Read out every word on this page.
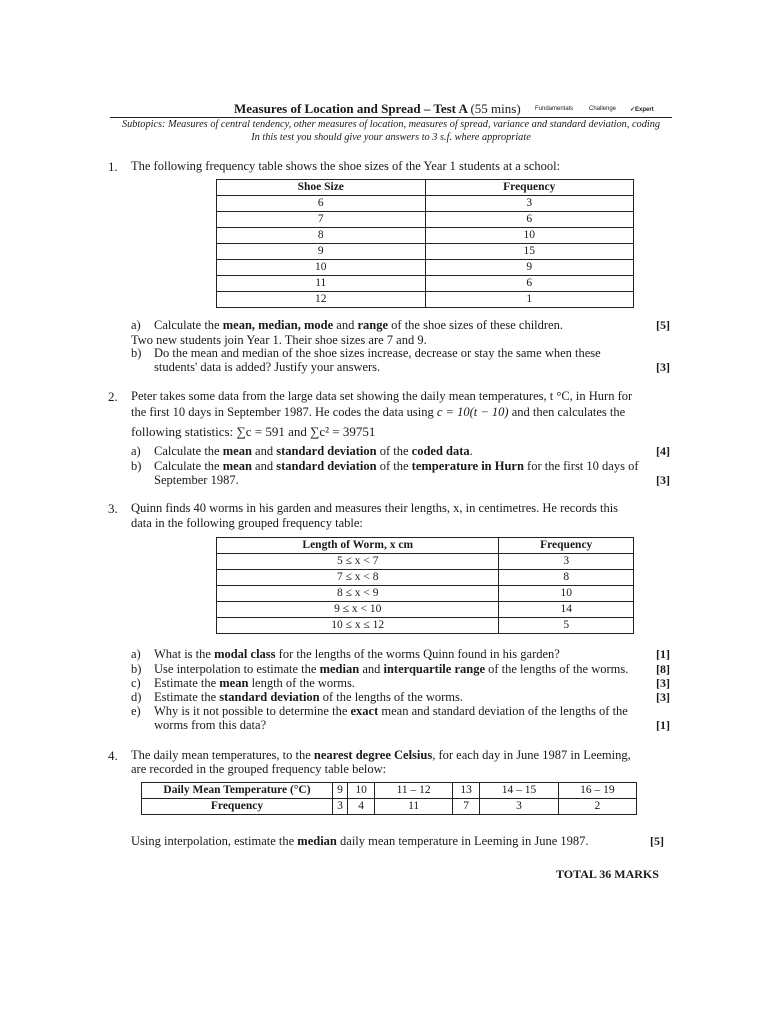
Measures of Location and Spread – Test A (55 mins) Fundamentals	Challenge ✓Expert
Subtopics: Measures of central tendency, other measures of location, measures of spread, variance and standard deviation, coding
In this test you should give your answers to 3 s.f. where appropriate
1. The following frequency table shows the shoe sizes of the Year 1 students at a school:
Shoe Size	Frequency
6	3
7	6
8	10
9	15
10	9
11	6
12	1
a) Calculate the mean, median, mode and range of the shoe sizes of these children.	[5]
Two new students join Year 1. Their shoe sizes are 7 and 9.
b) Do the mean and median of the shoe sizes increase, decrease or stay the same when these
students' data is added? Justify your answers.	[3]
2. Peter takes some data from the large data set showing the daily mean temperatures, t °C, in Hurn for
the first 10 days in September 1987. He codes the data using c = 10(t − 10) and then calculates the
following statistics: ∑c = 591 and ∑c² = 39751
a) Calculate the mean and standard deviation of the coded data.	[4]
b) Calculate the mean and standard deviation of the temperature in Hurn for the first 10 days of
September 1987.	[3]
3. Quinn finds 40 worms in his garden and measures their lengths, x, in centimetres. He records this
data in the following grouped frequency table:
Length of Worm, x cm	Frequency
5 ≤ x < 7	3
7 ≤ x < 8	8
8 ≤ x < 9	10
9 ≤ x < 10	14
10 ≤ x ≤ 12	5
a) What is the modal class for the lengths of the worms Quinn found in his garden?	[1]
b) Use interpolation to estimate the median and interquartile range of the lengths of the worms. [8]
c) Estimate the mean length of the worms.	[3]
d) Estimate the standard deviation of the lengths of the worms.	[3]
e) Why is it not possible to determine the exact mean and standard deviation of the lengths of the
worms from this data?	[1]
4. The daily mean temperatures, to the nearest degree Celsius, for each day in June 1987 in Leeming,
are recorded in the grouped frequency table below:
Daily Mean Temperature (°C)	9	10	11 – 12	13	14 – 15	16 – 19
Frequency	3	4	11	7	3	2
Using interpolation, estimate the median daily mean temperature in Leeming in June 1987.	[5]
TOTAL 36 MARKS
